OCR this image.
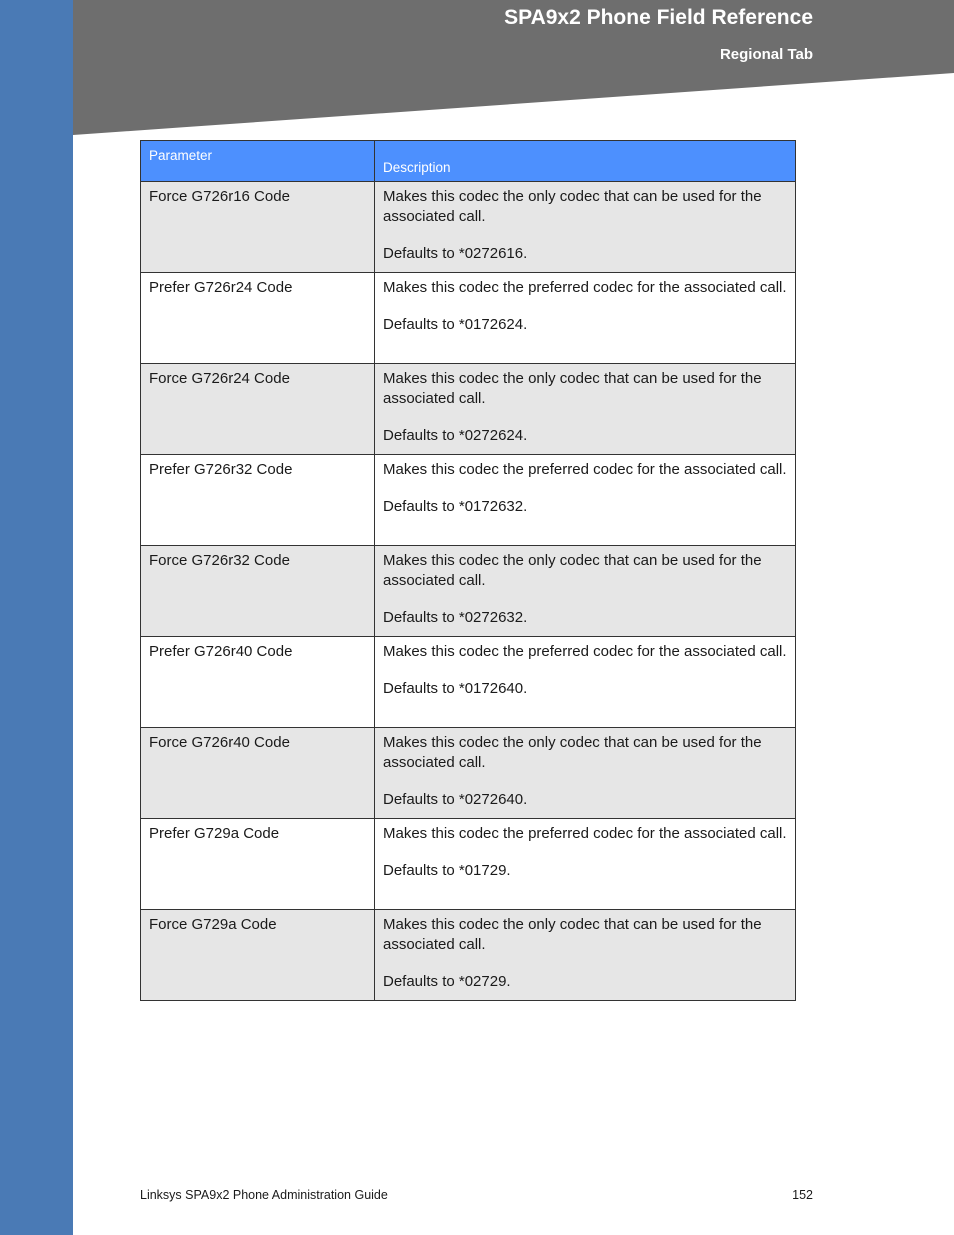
SPA9x2 Phone Field Reference
Regional Tab
Parameter	Description
Force G726r16 Code	Makes this codec the only codec that can be used for the associated call.
Defaults to *0272616.

Prefer G726r24 Code	Makes this codec the preferred codec for the associated call.
Defaults to *0172624.

Force G726r24 Code	Makes this codec the only codec that can be used for the associated call.
Defaults to *0272624.

Prefer G726r32 Code	Makes this codec the preferred codec for the associated call.
Defaults to *0172632.

Force G726r32 Code	Makes this codec the only codec that can be used for the associated call.
Defaults to *0272632.

Prefer G726r40 Code	Makes this codec the preferred codec for the associated call.
Defaults to *0172640.

Force G726r40 Code	Makes this codec the only codec that can be used for the associated call.
Defaults to *0272640.

Prefer G729a Code	Makes this codec the preferred codec for the associated call.
Defaults to *01729.

Force G729a Code	Makes this codec the only codec that can be used for the associated call.
Defaults to *02729.
Linksys SPA9x2 Phone Administration Guide	152
